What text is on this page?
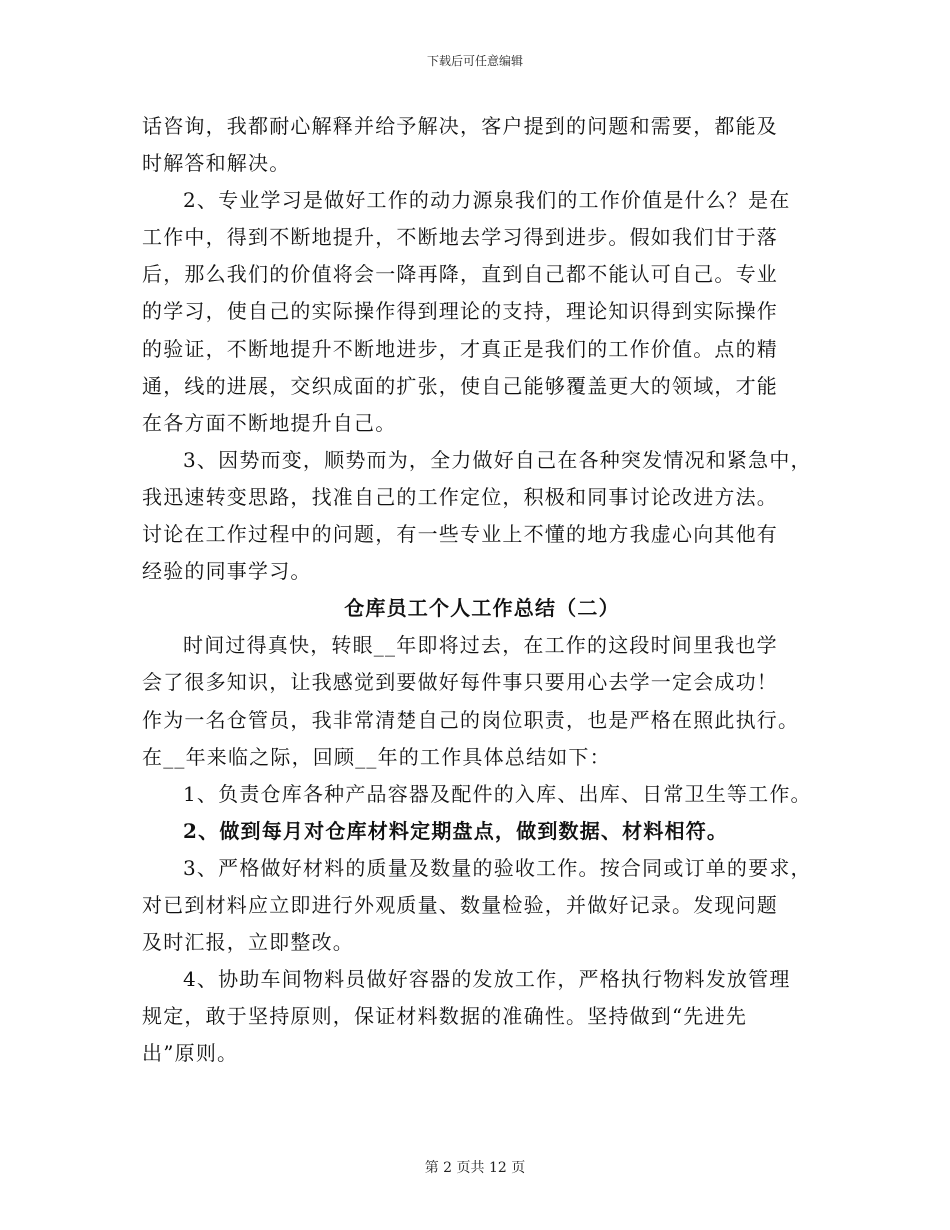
下载后可任意编辑
话咨询，我都耐心解释并给予解决，客户提到的问题和需要，都能及
时解答和解决。
2、专业学习是做好工作的动力源泉我们的工作价值是什么？是在
工作中，得到不断地提升，不断地去学习得到进步。假如我们甘于落
后，那么我们的价值将会一降再降，直到自己都不能认可自己。专业
的学习，使自己的实际操作得到理论的支持，理论知识得到实际操作
的验证，不断地提升不断地进步，才真正是我们的工作价值。点的精
通，线的进展，交织成面的扩张，使自己能够覆盖更大的领域，才能
在各方面不断地提升自己。
3、因势而变，顺势而为，全力做好自己在各种突发情况和紧急中，
我迅速转变思路，找准自己的工作定位，积极和同事讨论改进方法。
讨论在工作过程中的问题，有一些专业上不懂的地方我虚心向其他有
经验的同事学习。
仓库员工个人工作总结（二）
时间过得真快，转眼__年即将过去，在工作的这段时间里我也学
会了很多知识，让我感觉到要做好每件事只要用心去学一定会成功！
作为一名仓管员，我非常清楚自己的岗位职责，也是严格在照此执行。
在__年来临之际，回顾__年的工作具体总结如下：
1、负责仓库各种产品容器及配件的入库、出库、日常卫生等工作。
2、做到每月对仓库材料定期盘点，做到数据、材料相符。
3、严格做好材料的质量及数量的验收工作。按合同或订单的要求，
对已到材料应立即进行外观质量、数量检验，并做好记录。发现问题
及时汇报，立即整改。
4、协助车间物料员做好容器的发放工作，严格执行物料发放管理
规定，敢于坚持原则，保证材料数据的准确性。坚持做到“先进先
出”原则。
第 2 页共 12 页
